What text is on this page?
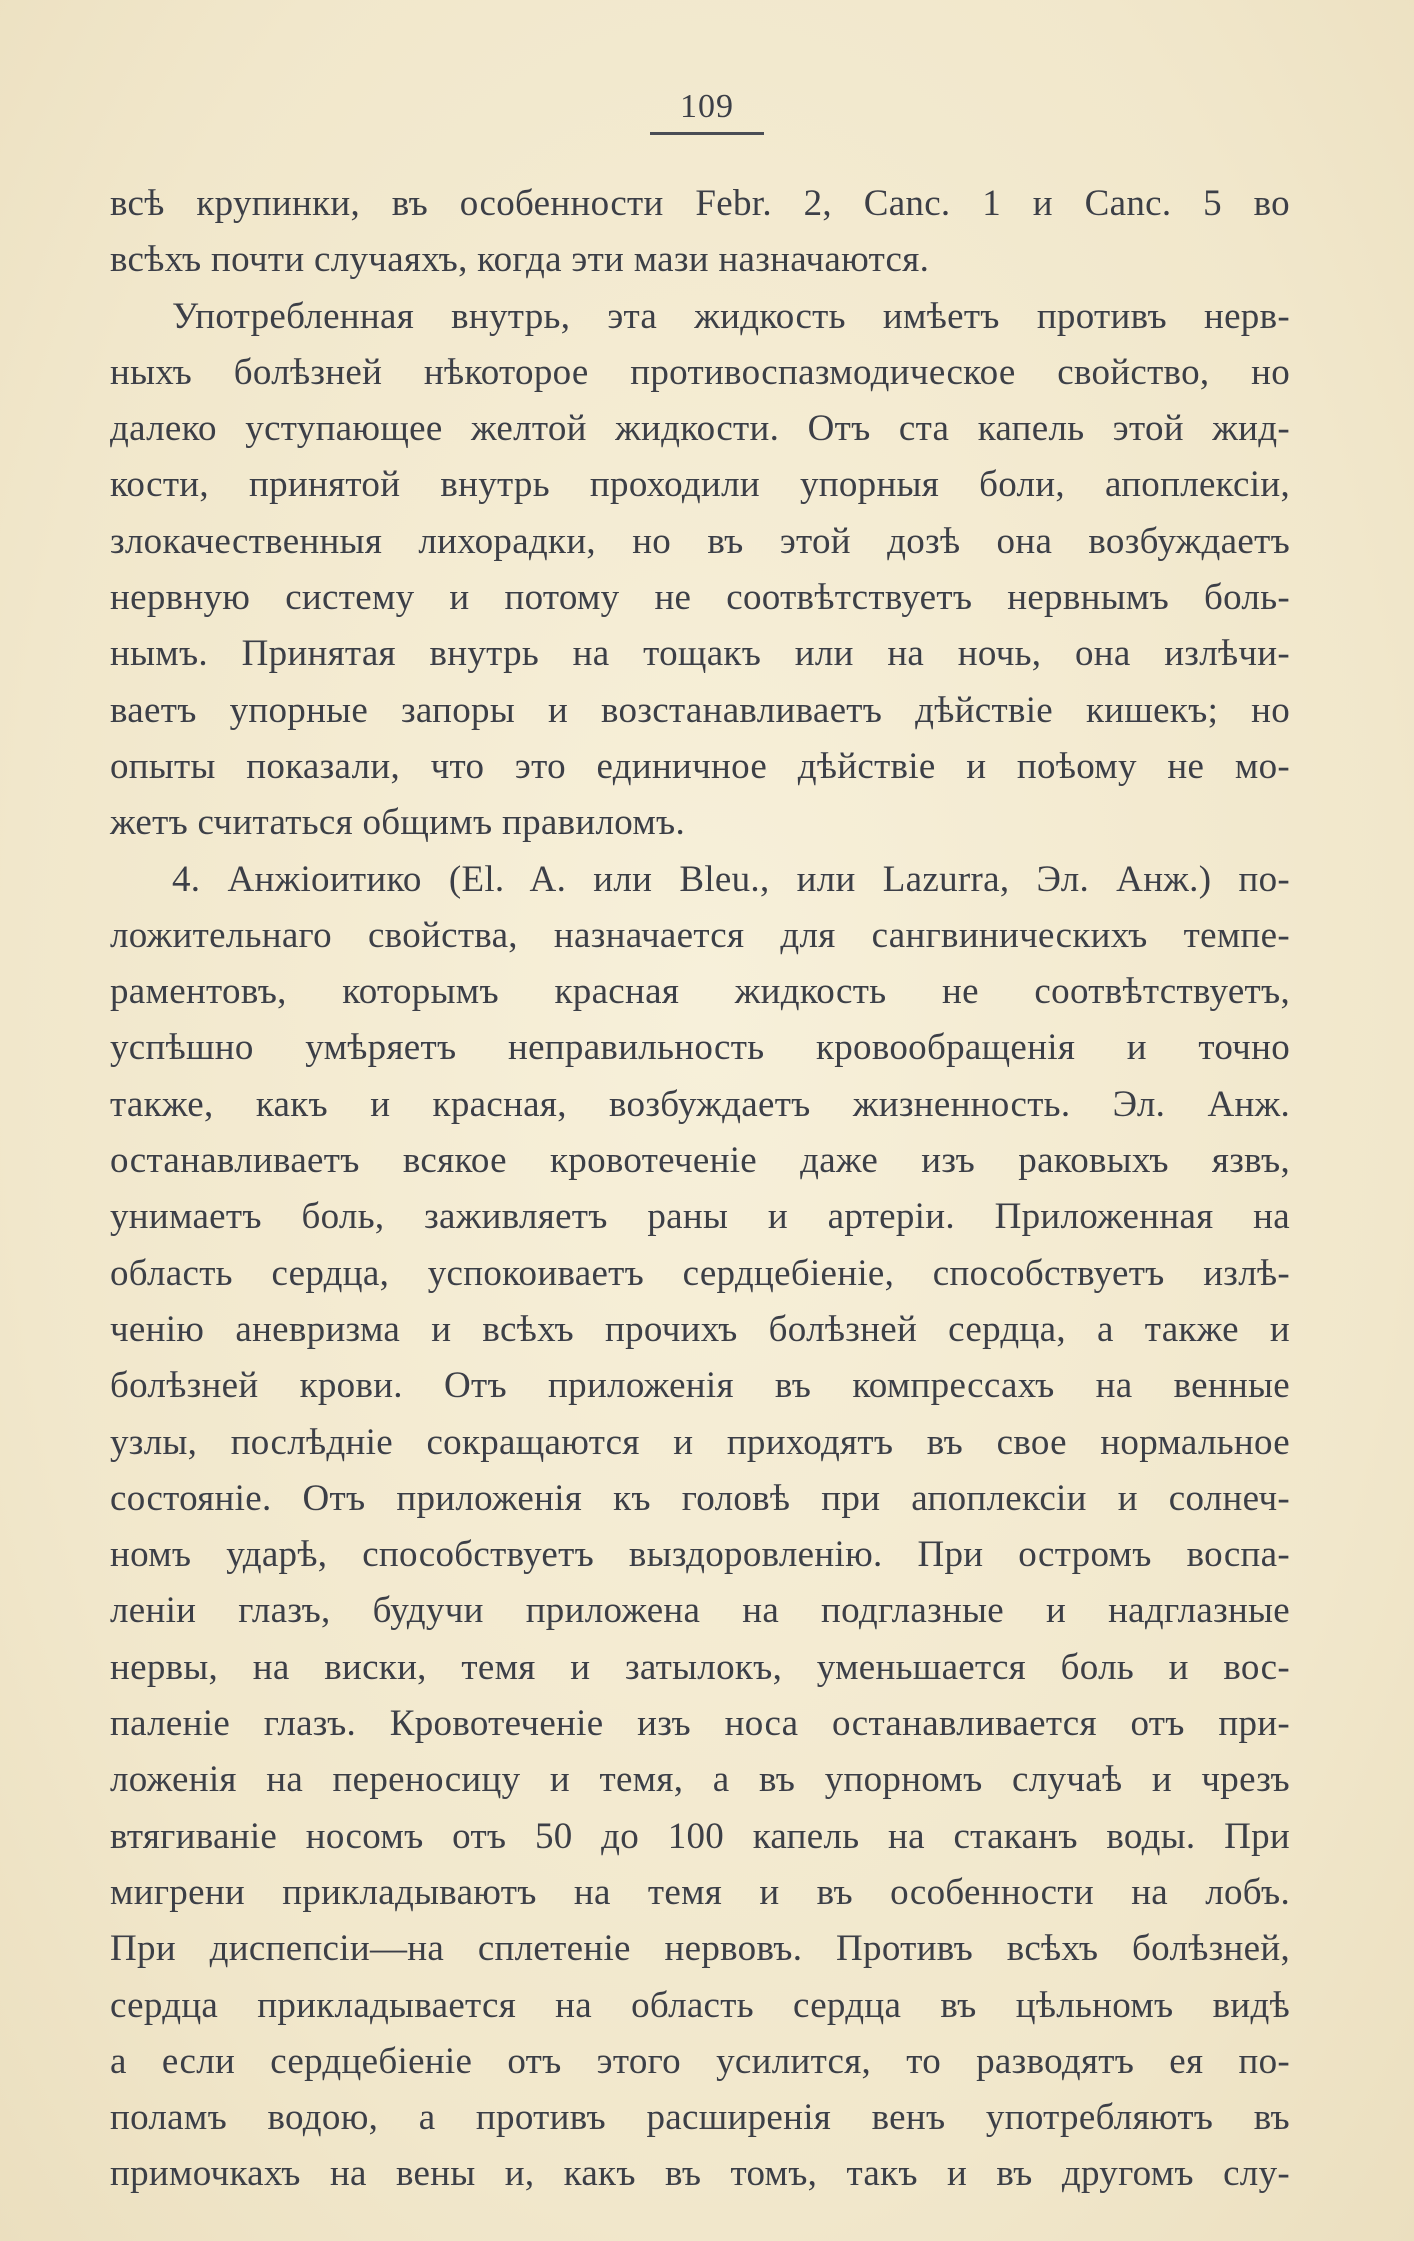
109
всѣ крупинки, въ особенности Febr. 2, Canc. 1 и Canc. 5 во
всѣхъ почти случаяхъ, когда эти мази назначаются.
Употребленная внутрь, эта жидкость имѣетъ противъ нерв-
ныхъ болѣзней нѣкоторое противоспазмодическое свойство, но
далеко уступающее желтой жидкости. Отъ ста капель этой жид-
кости, принятой внутрь проходили упорныя боли, апоплексіи,
злокачественныя лихорадки, но въ этой дозѣ она возбуждаетъ
нервную систему и потому не соотвѣтствуетъ нервнымъ боль-
нымъ. Принятая внутрь на тощакъ или на ночь, она излѣчи-
ваетъ упорные запоры и возстанавливаетъ дѣйствіе кишекъ; но
опыты показали, что это единичное дѣйствіе и поѣому не мо-
жетъ считаться общимъ правиломъ.
4. Анжіоитико (El. A. или Bleu., или Lazurra, Эл. Анж.) по-
ложительнаго свойства, назначается для сангвиническихъ темпе-
раментовъ, которымъ красная жидкость не соотвѣтствуетъ,
успѣшно умѣряетъ неправильность кровообращенія и точно
также, какъ и красная, возбуждаетъ жизненность. Эл. Анж.
останавливаетъ всякое кровотеченіе даже изъ раковыхъ язвъ,
унимаетъ боль, заживляетъ раны и артеріи. Приложенная на
область сердца, успокоиваетъ сердцебіеніе, способствуетъ излѣ-
ченію аневризма и всѣхъ прочихъ болѣзней сердца, а также и
болѣзней крови. Отъ приложенія въ компрессахъ на венные
узлы, послѣдніе сокращаются и приходятъ въ свое нормальное
состояніе. Отъ приложенія къ головѣ при апоплексіи и солнеч-
номъ ударѣ, способствуетъ выздоровленію. При остромъ воспа-
леніи глазъ, будучи приложена на подглазные и надглазные
нервы, на виски, темя и затылокъ, уменьшается боль и вос-
паленіе глазъ. Кровотеченіе изъ носа останавливается отъ при-
ложенія на переносицу и темя, а въ упорномъ случаѣ и чрезъ
втягиваніе носомъ отъ 50 до 100 капель на стаканъ воды. При
мигрени прикладываютъ на темя и въ особенности на лобъ.
При диспепсіи—на сплетеніе нервовъ. Противъ всѣхъ болѣзней,
сердца прикладывается на область сердца въ цѣльномъ видѣ
а если сердцебіеніе отъ этого усилится, то разводятъ ея по-
поламъ водою, а противъ расширенія венъ употребляютъ въ
примочкахъ на вены и, какъ въ томъ, такъ и въ другомъ слу-
